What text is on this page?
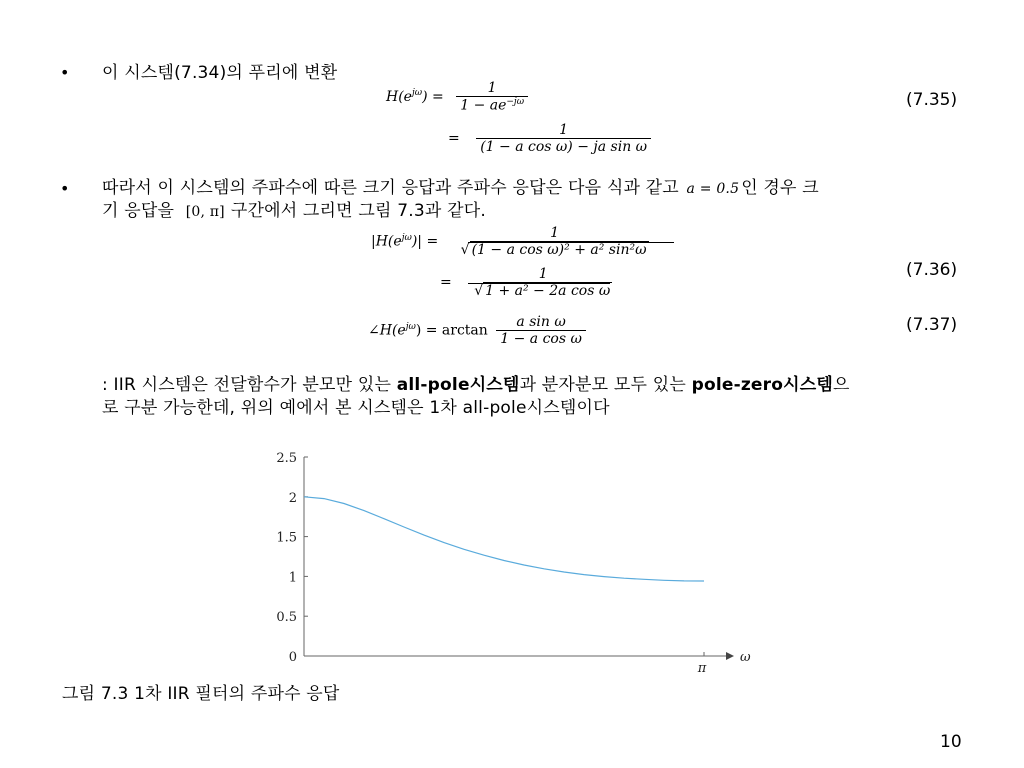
• 이 시스템(7.34)의 푸리에 변환
$H(e^{j\omega}) = \frac{1}{1 - ae^{-j\omega}}$	(7.35)
= $\frac{1}{\text{(1 − a cos ω) − ja sin ω}}$
• 따라서 이 시스템의 주파수에 따른 크기 응답과 주파수 응답은 다음 식과 같고 a = 0.5 인 경우 크
기 응답을 [0, π] 구간에서 그리면 그림 7.3과 같다.
$|H(e^{j\omega})|$ =
1
√ (1 − a cos ω)² + a² sin²ω
(7.36)
=
1
√ 1 + a² − 2a cos ω
$\angle H(e^{j\omega}) = \arctan \frac{\text{a sin ω}}{\text{1 − a cos ω}}$	(7.37)
: IIR 시스템은 전달함수가 분모만 있는 all-pole시스템과 분자분모 모두 있는 pole-zero시스템으
로 구분 가능한데, 위의 예에서 본 시스템은 1차 all-pole시스템이다
0
0.5
1
1.5
2
2.5
π
ω
그림 7.3 1차 IIR 필터의 주파수 응답
10
